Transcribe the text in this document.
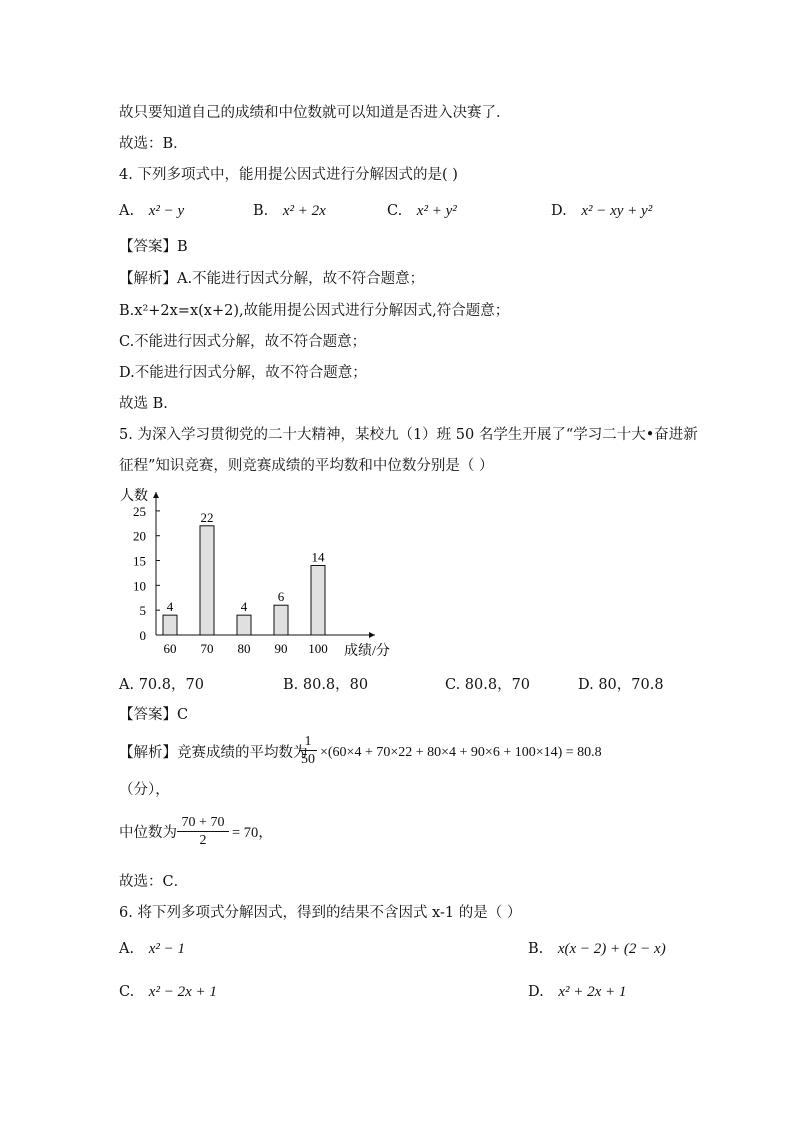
故只要知道自己的成绩和中位数就可以知道是否进入决赛了．
故选：B．
4. 下列多项式中，能用提公因式进行分解因式的是( )
A. x² − y	B. x² + 2x	C. x² + y²	D. x² − xy + y²
【答案】B
【解析】A.不能进行因式分解，故不符合题意；
B.x²+2x=x(x+2),故能用提公因式进行分解因式,符合题意；
C.不能进行因式分解，故不符合题意；
D.不能进行因式分解，故不符合题意；
故选 B.
5. 为深入学习贯彻党的二十大精神，某校九（1）班 50 名学生开展了“学习二十大•奋进新
征程”知识竞赛，则竞赛成绩的平均数和中位数分别是（ ）
人数
成绩/分
0
5
10
15
20
25
4
60
22
70
4
80
6
90
14
100
A. 70.8，70	B. 80.8，80	C. 80.8，70	D. 80，70.8
【答案】C
【解析】竞赛成绩的平均数为
$\frac{1}{50} \times(60\times 4 + 70\times 22 + 80\times 4 + 90\times 6 + 100\times 14) = 80.8$
（分），
中位数为 $\frac{70 + 70}{2} = 70$，
故选：C．
6. 将下列多项式分解因式，得到的结果不含因式 x-1 的是（ ）
A. x² − 1	B. x(x − 2) + (2 − x)
C. x² − 2x + 1	D. x² + 2x + 1
